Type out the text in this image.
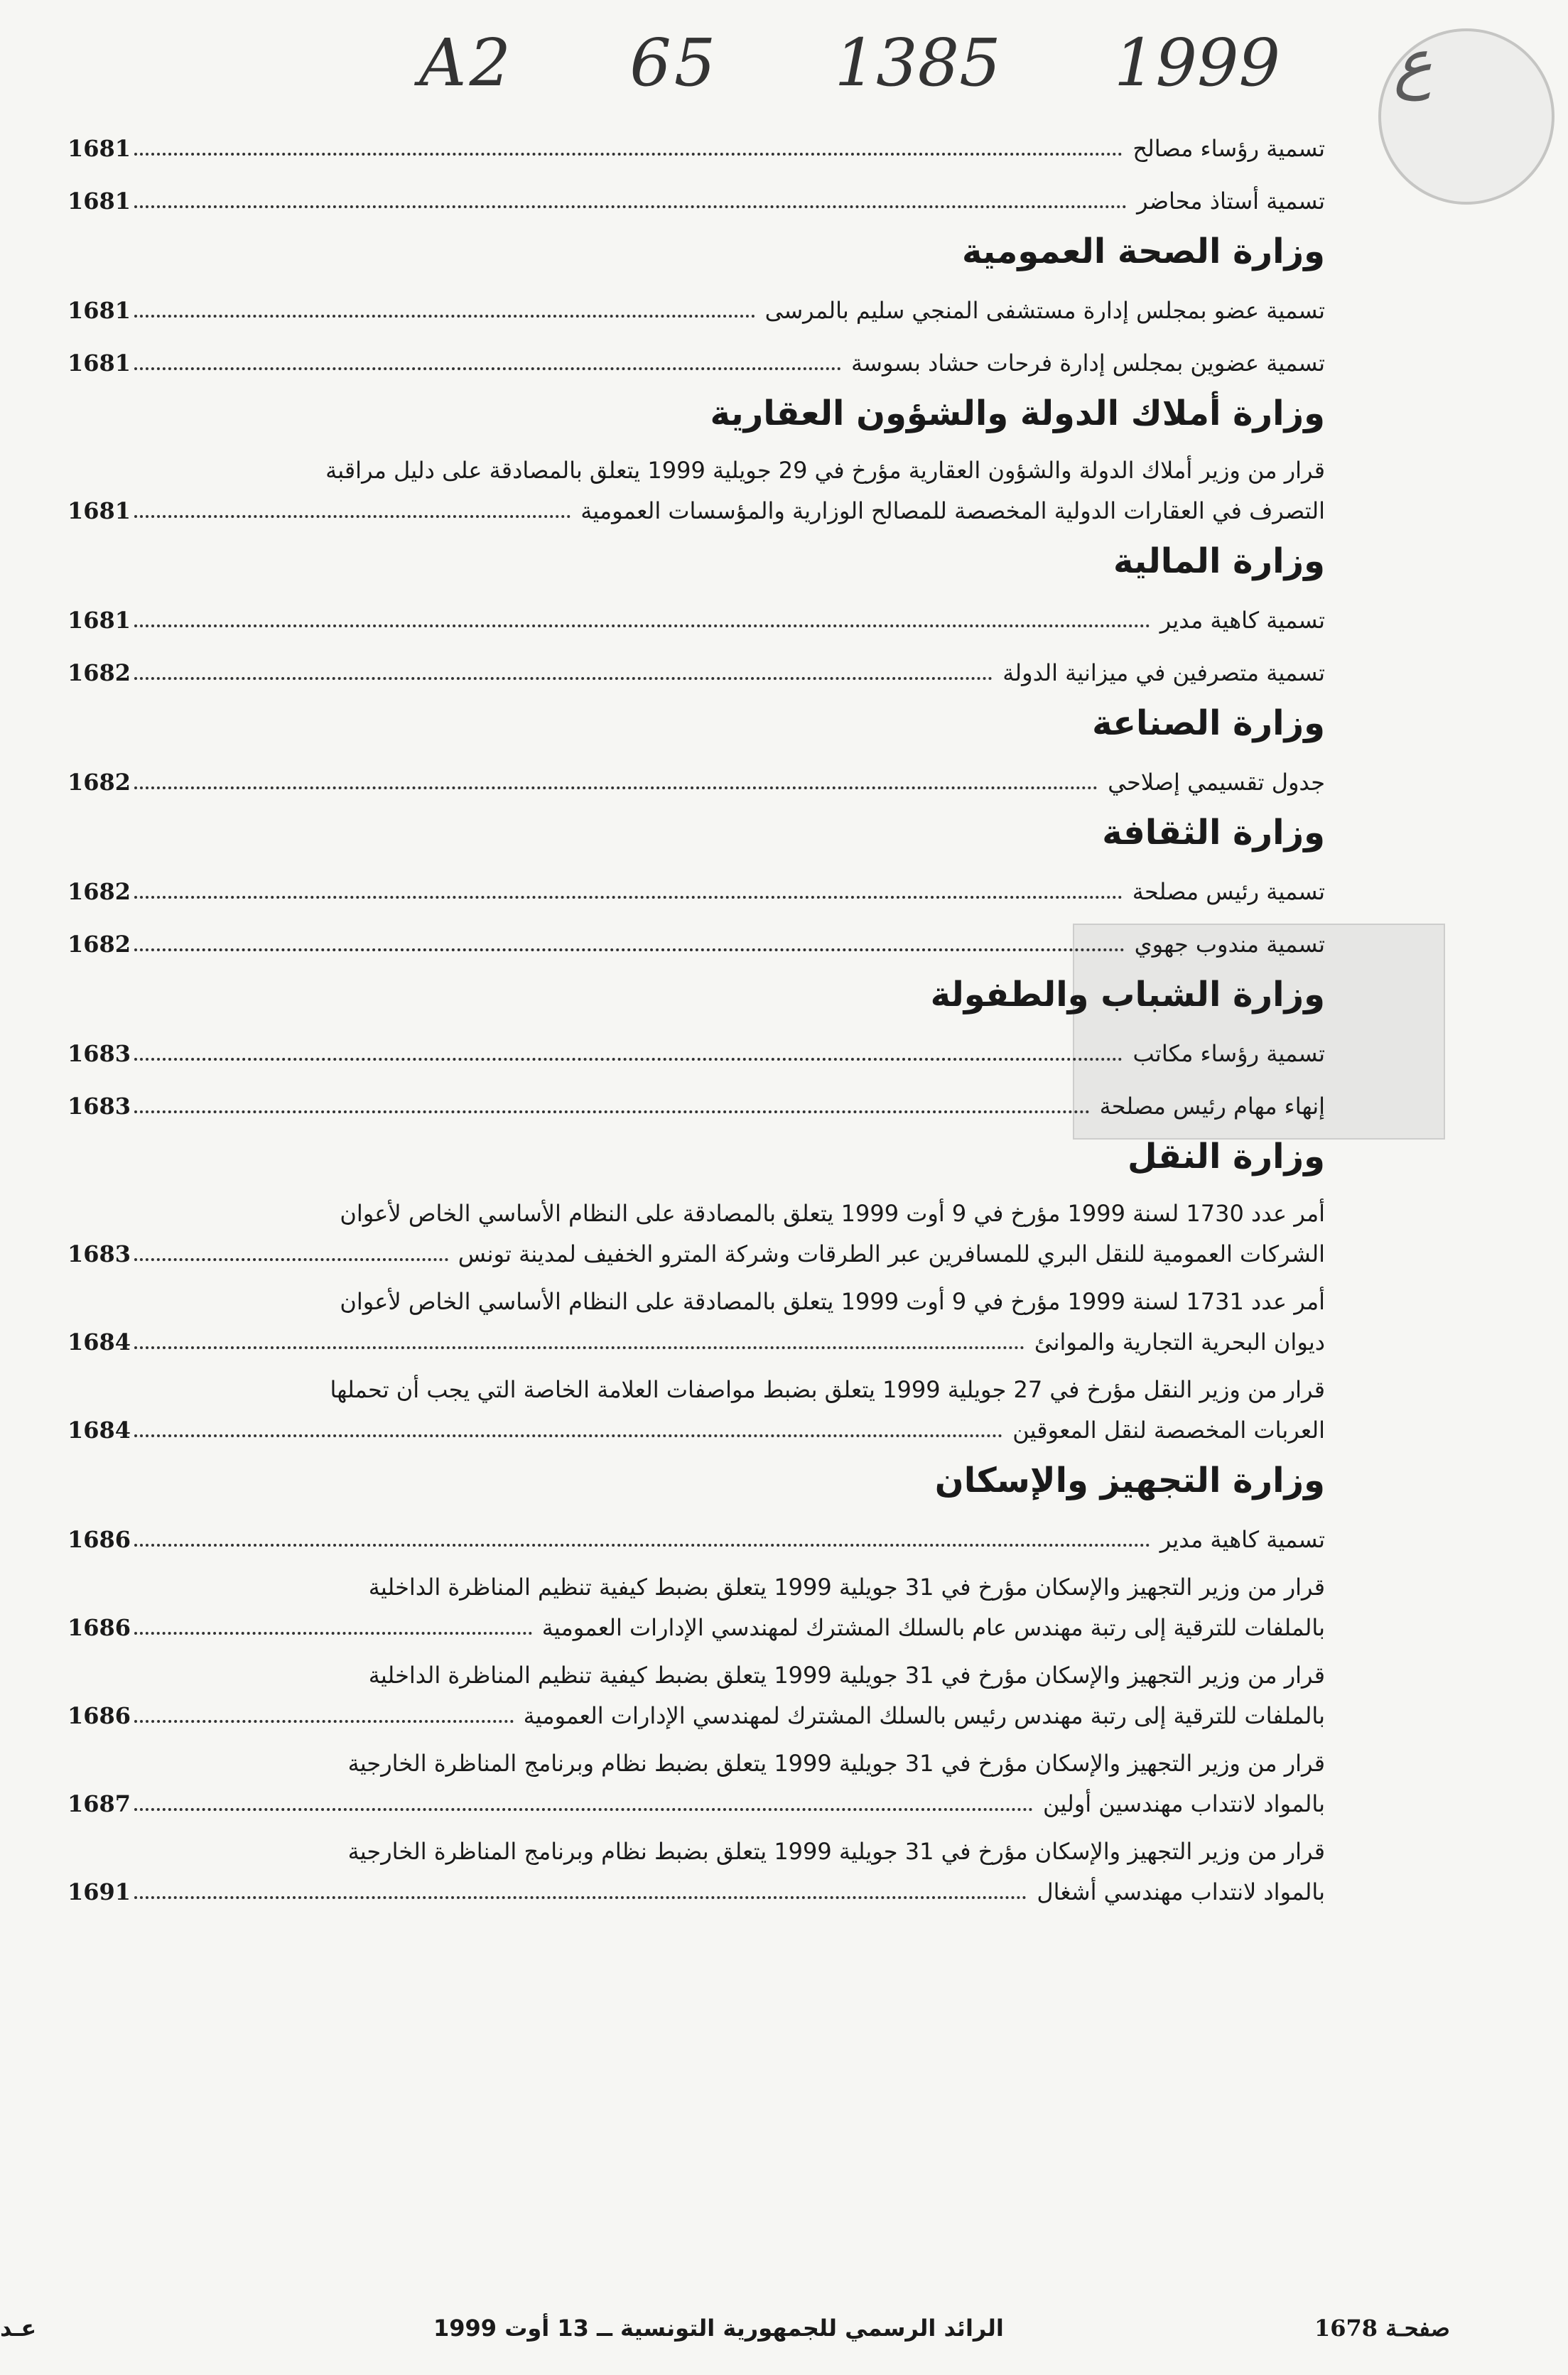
A2 65	ع 1999 1385
تسمية رؤساء مصالح
1681
تسمية أستاذ محاضر
1681
وزارة الصحة العمومية
تسمية عضو بمجلس إدارة مستشفى المنجي سليم بالمرسى
1681
تسمية عضوين بمجلس إدارة فرحات حشاد بسوسة
1681
وزارة أملاك الدولة والشؤون العقارية
قرار من وزير أملاك الدولة والشؤون العقارية مؤرخ في 29 جويلية 1999 يتعلق بالمصادقة على دليل مراقبة
التصرف في العقارات الدولية المخصصة للمصالح الوزارية والمؤسسات العمومية
1681
وزارة المالية
تسمية كاهية مدير
1681
تسمية متصرفين في ميزانية الدولة
1682
وزارة الصناعة
جدول تقسيمي إصلاحي
1682
وزارة الثقافة
تسمية رئيس مصلحة
1682
تسمية مندوب جهوي
1682
وزارة الشباب والطفولة
تسمية رؤساء مكاتب
1683
إنهاء مهام رئيس مصلحة
1683
وزارة النقل
أمر عدد 1730 لسنة 1999 مؤرخ في 9 أوت 1999 يتعلق بالمصادقة على النظام الأساسي الخاص لأعوان
الشركات العمومية للنقل البري للمسافرين عبر الطرقات وشركة المترو الخفيف لمدينة تونس
1683
أمر عدد 1731 لسنة 1999 مؤرخ في 9 أوت 1999 يتعلق بالمصادقة على النظام الأساسي الخاص لأعوان
ديوان البحرية التجارية والموانئ
1684
قرار من وزير النقل مؤرخ في 27 جويلية 1999 يتعلق بضبط مواصفات العلامة الخاصة التي يجب أن تحملها
العربات المخصصة لنقل المعوقين
1684
وزارة التجهيز والإسكان
تسمية كاهية مدير
1686
قرار من وزير التجهيز والإسكان مؤرخ في 31 جويلية 1999 يتعلق بضبط كيفية تنظيم المناظرة الداخلية
بالملفات للترقية إلى رتبة مهندس عام بالسلك المشترك لمهندسي الإدارات العمومية
1686
قرار من وزير التجهيز والإسكان مؤرخ في 31 جويلية 1999 يتعلق بضبط كيفية تنظيم المناظرة الداخلية
بالملفات للترقية إلى رتبة مهندس رئيس بالسلك المشترك لمهندسي الإدارات العمومية
1686
قرار من وزير التجهيز والإسكان مؤرخ في 31 جويلية 1999 يتعلق بضبط نظام وبرنامج المناظرة الخارجية
بالمواد لانتداب مهندسين أولين
1687
قرار من وزير التجهيز والإسكان مؤرخ في 31 جويلية 1999 يتعلق بضبط نظام وبرنامج المناظرة الخارجية
بالمواد لانتداب مهندسي أشغال
1691
صفحـة 1678
الرائد الرسمي للجمهورية التونسية ــ 13 أوت 1999
عـد
